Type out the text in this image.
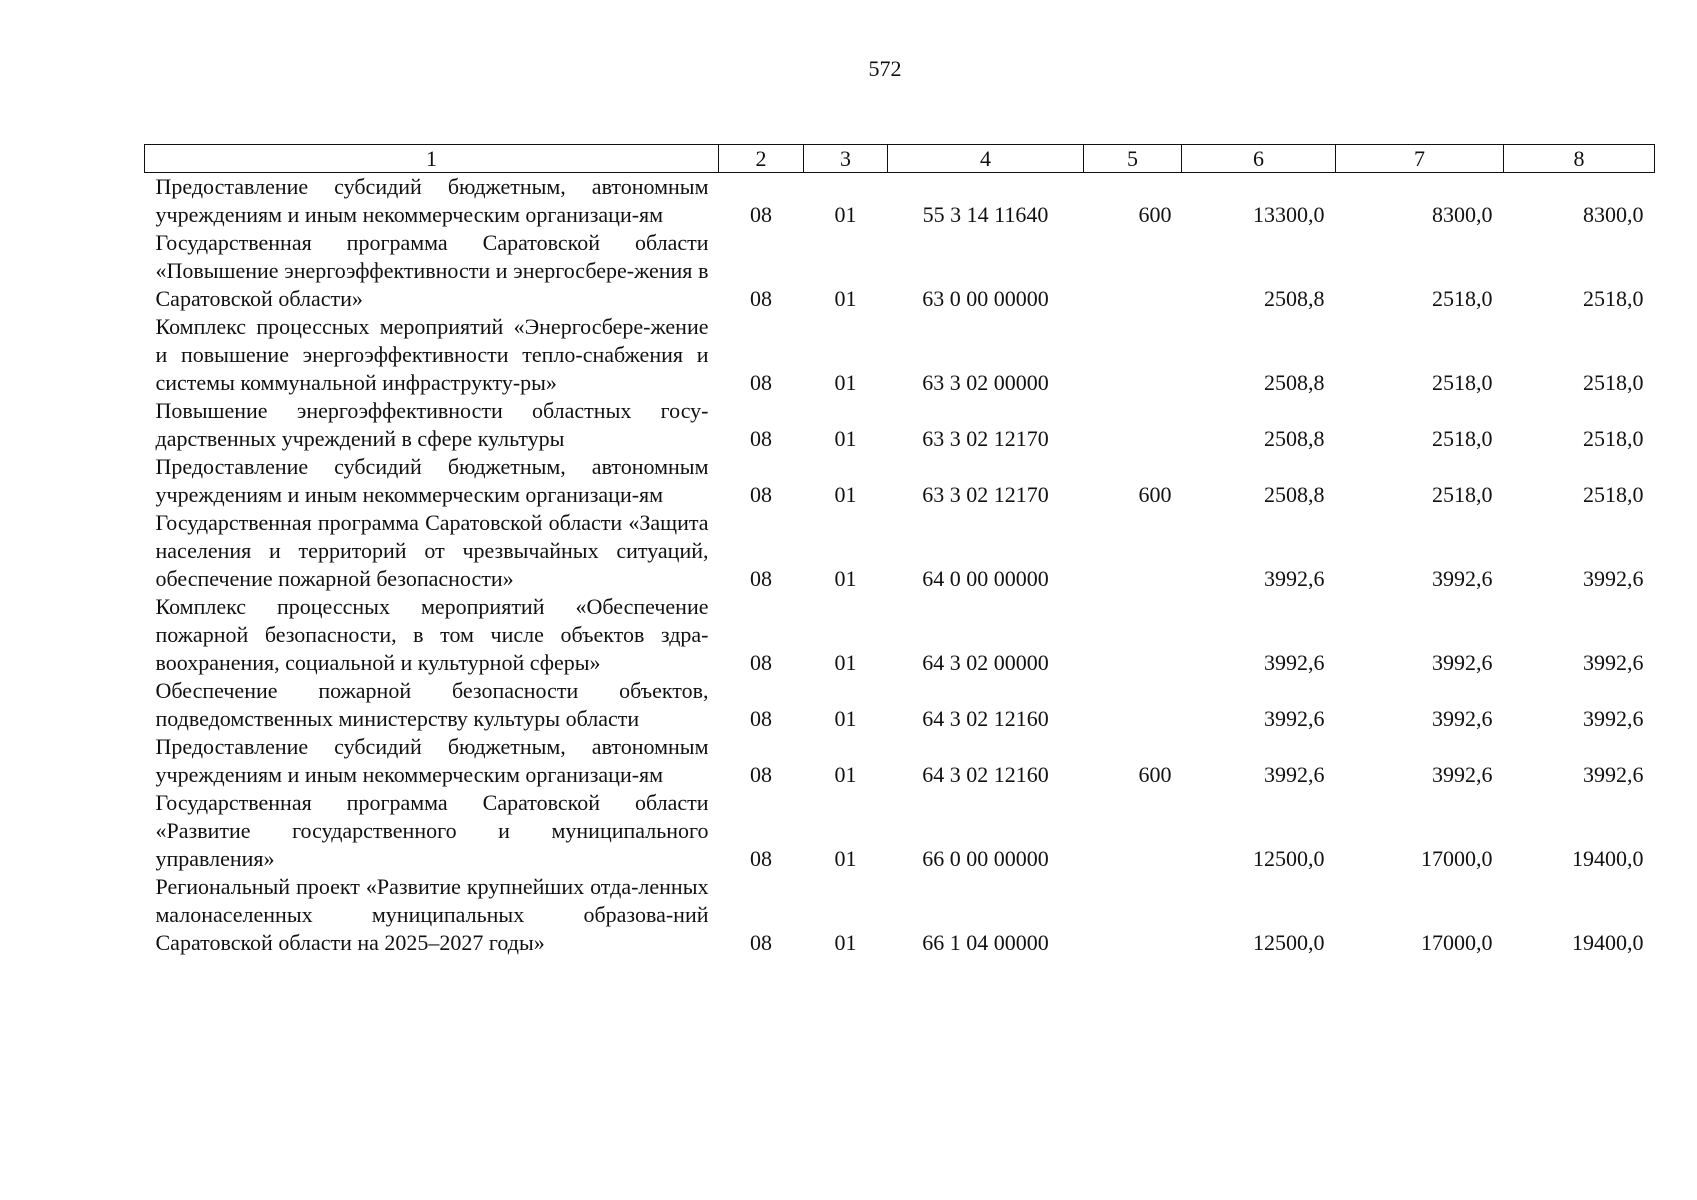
572
1	2	3	4	5	6	7	8
Предоставление субсидий бюджетным, автономным учреждениям и иным некоммерческим организаци-ям	08	01	55 3 14 11640	600	13300,0	8300,0	8300,0
Государственная программа Саратовской области «Повышение энергоэффективности и энергосбере-жения в Саратовской области»	08	01	63 0 00 00000		2508,8	2518,0	2518,0
Комплекс процессных мероприятий «Энергосбере-жение и повышение энергоэффективности тепло-снабжения и системы коммунальной инфраструкту-ры»	08	01	63 3 02 00000		2508,8	2518,0	2518,0
Повышение энергоэффективности областных госу-дарственных учреждений в сфере культуры	08	01	63 3 02 12170		2508,8	2518,0	2518,0
Предоставление субсидий бюджетным, автономным учреждениям и иным некоммерческим организаци-ям	08	01	63 3 02 12170	600	2508,8	2518,0	2518,0
Государственная программа Саратовской области «Защита населения и территорий от чрезвычайных ситуаций, обеспечение пожарной безопасности»	08	01	64 0 00 00000		3992,6	3992,6	3992,6
Комплекс процессных мероприятий «Обеспечение пожарной безопасности, в том числе объектов здра-воохранения, социальной и культурной сферы»	08	01	64 3 02 00000		3992,6	3992,6	3992,6
Обеспечение пожарной безопасности объектов, подведомственных министерству культуры области	08	01	64 3 02 12160		3992,6	3992,6	3992,6
Предоставление субсидий бюджетным, автономным учреждениям и иным некоммерческим организаци-ям	08	01	64 3 02 12160	600	3992,6	3992,6	3992,6
Государственная программа Саратовской области «Развитие государственного и муниципального управления»	08	01	66 0 00 00000		12500,0	17000,0	19400,0
Региональный проект «Развитие крупнейших отда-ленных малонаселенных муниципальных образова-ний Саратовской области на 2025–2027 годы»	08	01	66 1 04 00000		12500,0	17000,0	19400,0
